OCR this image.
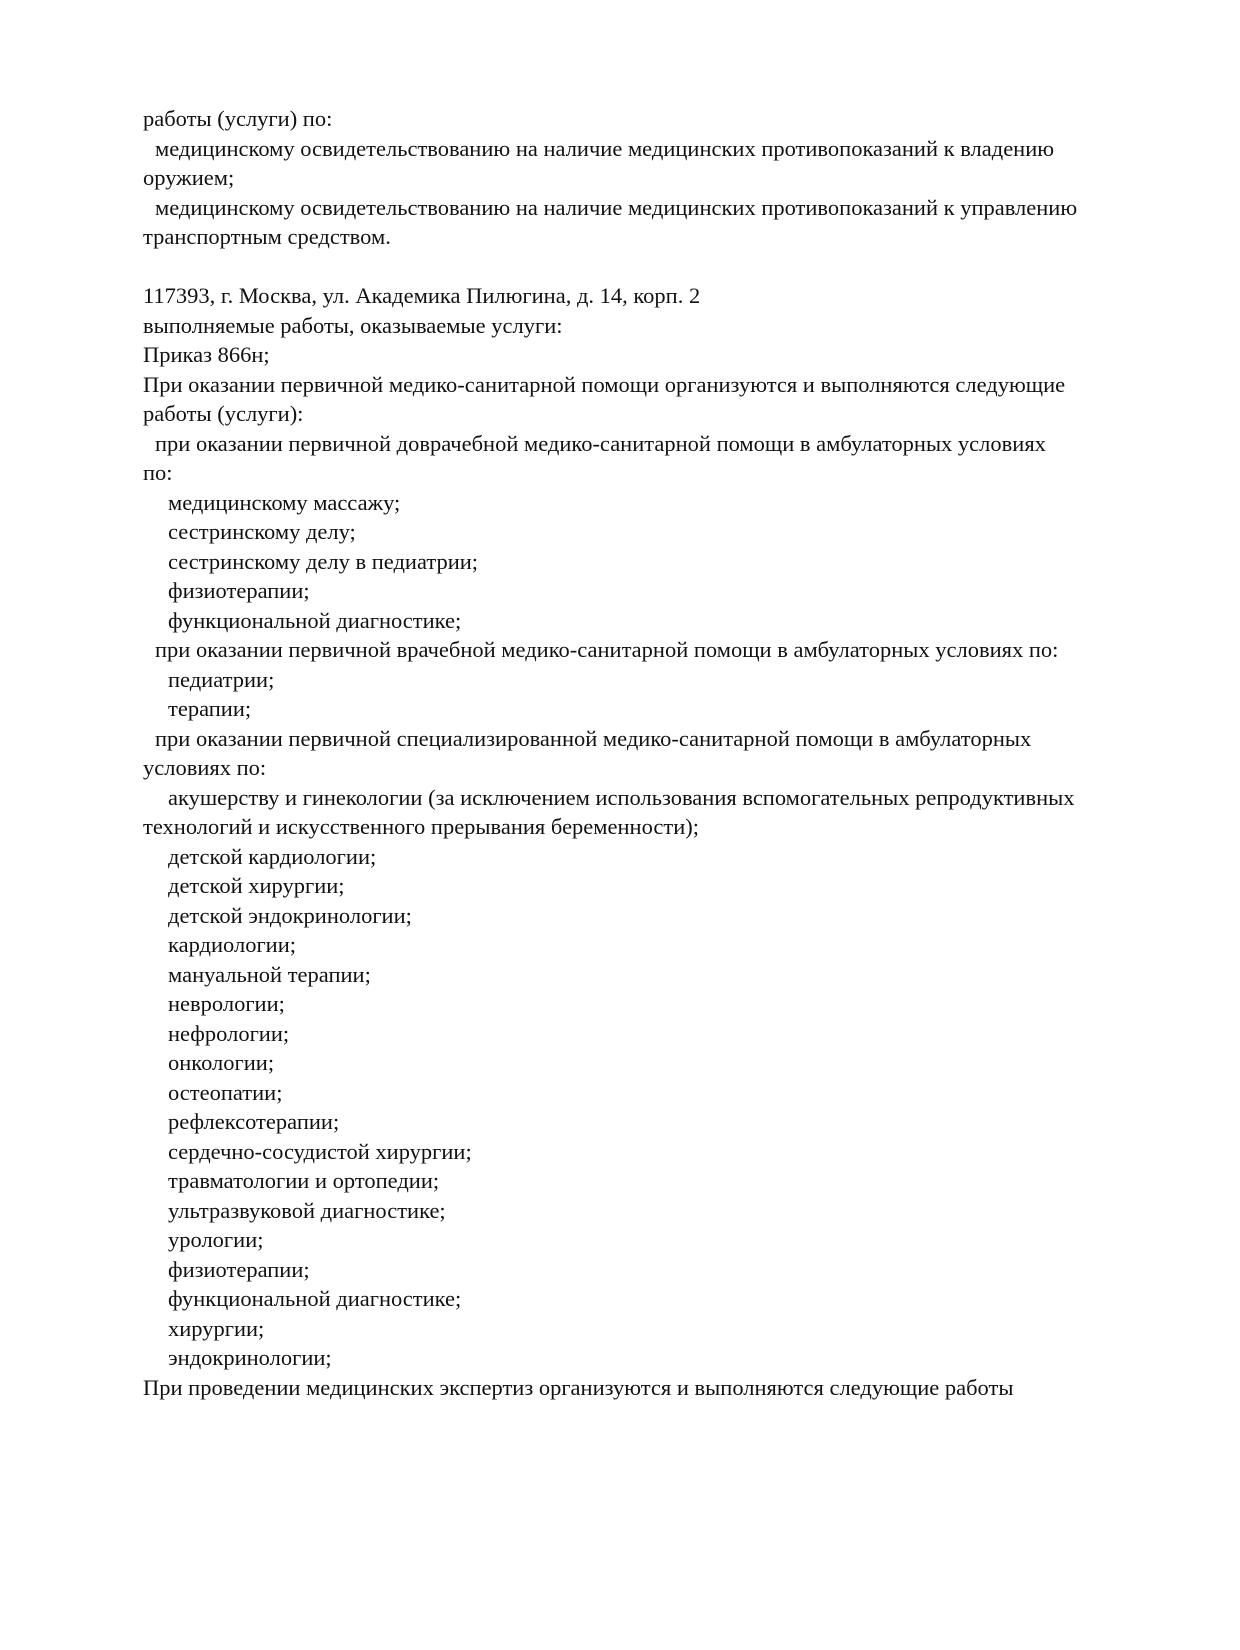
работы (услуги) по:
медицинскому освидетельствованию на наличие медицинских противопоказаний к владению
оружием;
медицинскому освидетельствованию на наличие медицинских противопоказаний к управлению
транспортным средством.
117393, г. Москва, ул. Академика Пилюгина, д. 14, корп. 2
выполняемые работы, оказываемые услуги:
Приказ 866н;
При оказании первичной медико-санитарной помощи организуются и выполняются следующие
работы (услуги):
при оказании первичной доврачебной медико-санитарной помощи в амбулаторных условиях
по:
медицинскому массажу;
сестринскому делу;
сестринскому делу в педиатрии;
физиотерапии;
функциональной диагностике;
при оказании первичной врачебной медико-санитарной помощи в амбулаторных условиях по:
педиатрии;
терапии;
при оказании первичной специализированной медико-санитарной помощи в амбулаторных
условиях по:
акушерству и гинекологии (за исключением использования вспомогательных репродуктивных
технологий и искусственного прерывания беременности);
детской кардиологии;
детской хирургии;
детской эндокринологии;
кардиологии;
мануальной терапии;
неврологии;
нефрологии;
онкологии;
остеопатии;
рефлексотерапии;
сердечно-сосудистой хирургии;
травматологии и ортопедии;
ультразвуковой диагностике;
урологии;
физиотерапии;
функциональной диагностике;
хирургии;
эндокринологии;
При проведении медицинских экспертиз организуются и выполняются следующие работы
